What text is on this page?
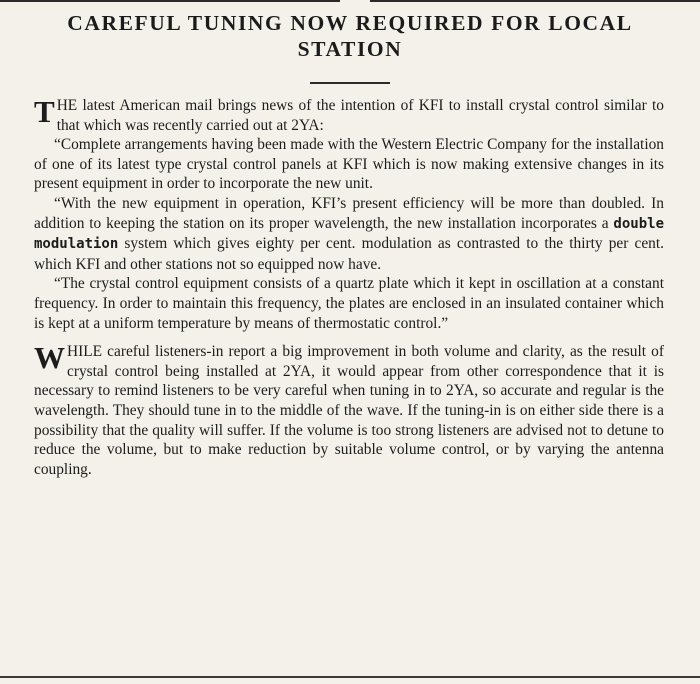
CAREFUL TUNING NOW REQUIRED FOR LOCAL
STATION

THE latest American mail brings news of the intention of KFI to install crystal control similar to that which was recently carried out at 2YA:

“Complete arrangements having been made with the Western Electric Company for the installation of one of its latest type crystal control panels at KFI which is now making extensive changes in its present equipment in order to incorporate the new unit.

“With the new equipment in operation, KFI’s present efficiency will be more than doubled. In addition to keeping the station on its proper wavelength, the new installation incorporates a double modulation system which gives eighty per cent. modulation as contrasted to the thirty per cent. which KFI and other stations not so equipped now have.

“The crystal control equipment consists of a quartz plate which it kept in oscillation at a constant frequency. In order to maintain this frequency, the plates are enclosed in an insulated container which is kept at a uniform temperature by means of thermostatic control.”

WHILE careful listeners-in report a big improvement in both volume and clarity, as the result of crystal control being installed at 2YA, it would appear from other correspondence that it is necessary to remind listeners to be very careful when tuning in to 2YA, so accurate and regular is the wavelength. They should tune in to the middle of the wave. If the tuning-in is on either side there is a possibility that the quality will suffer. If the volume is too strong listeners are advised not to detune to reduce the volume, but to make reduction by suitable volume control, or by varying the antenna coupling.
